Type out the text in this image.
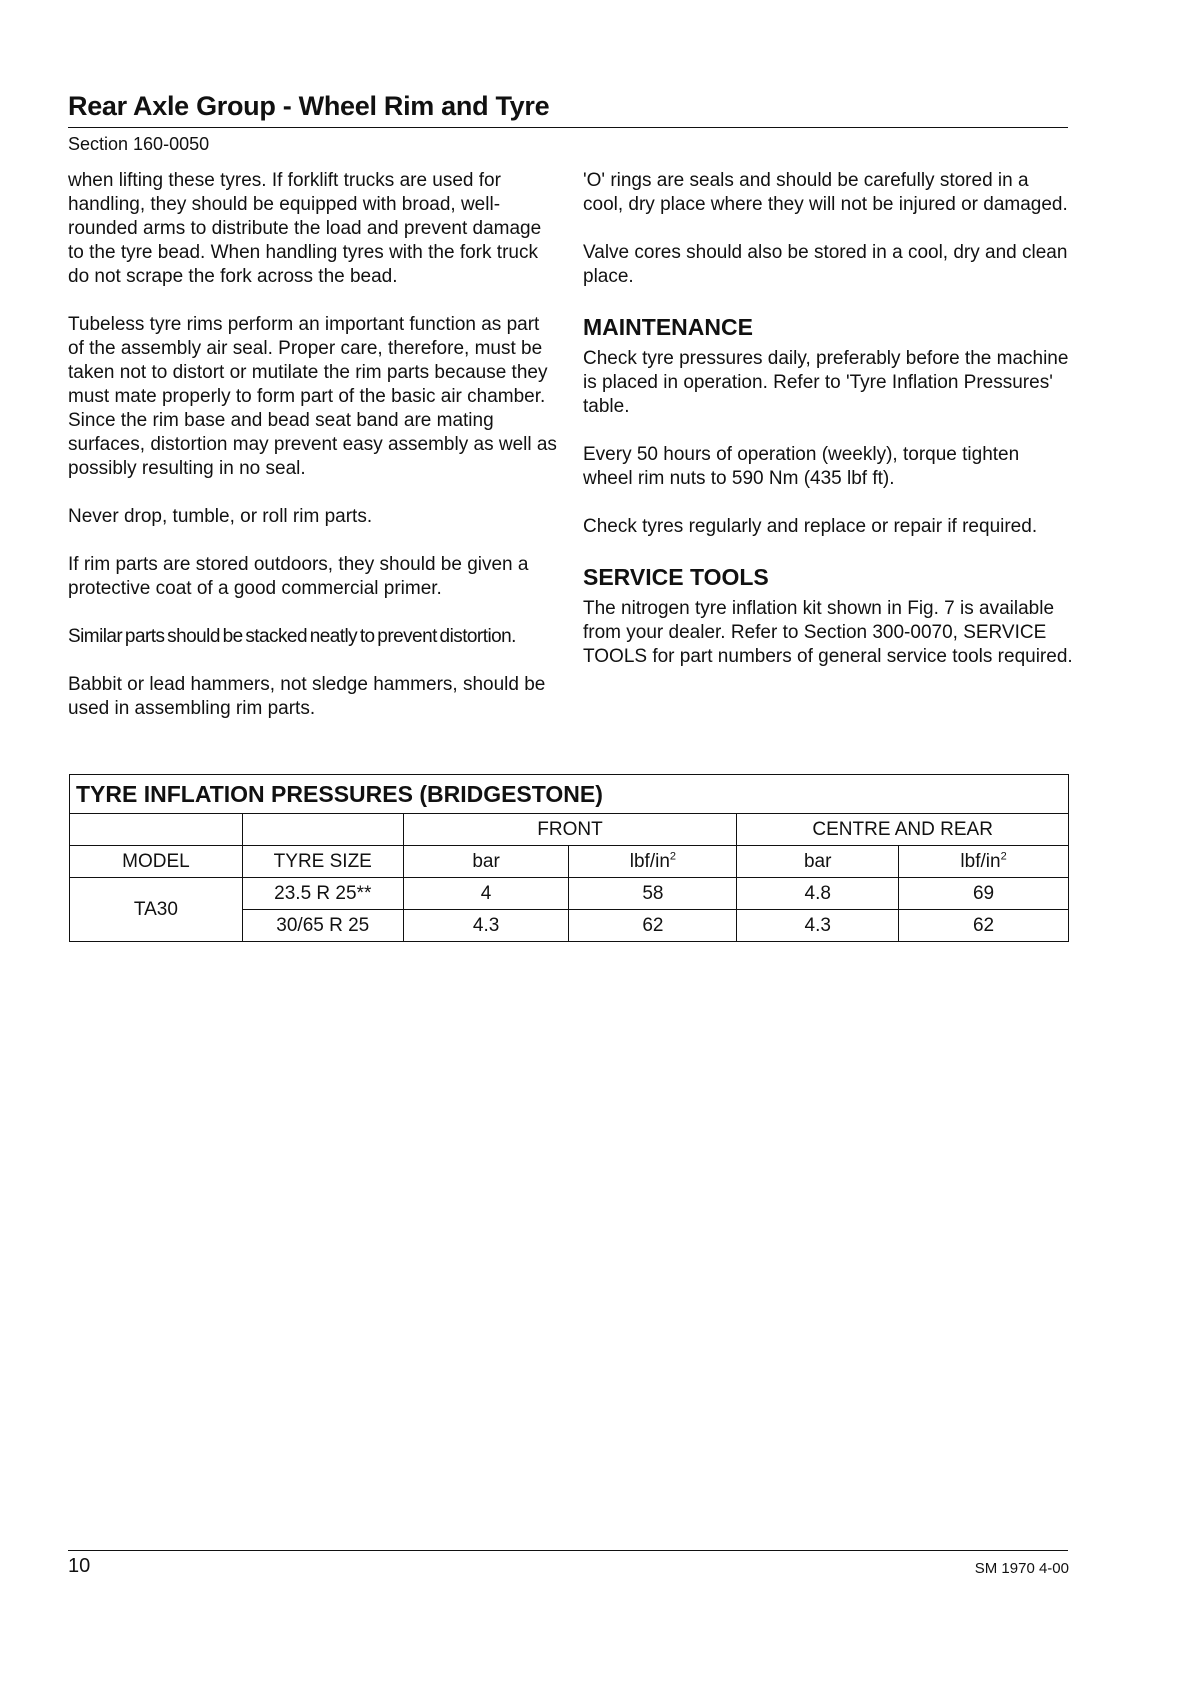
Rear Axle Group - Wheel Rim and Tyre
Section 160-0050

when lifting these tyres. If forklift trucks are used for handling, they should be equipped with broad, well-rounded arms to distribute the load and prevent damage to the tyre bead. When handling tyres with the fork truck do not scrape the fork across the bead.

Tubeless tyre rims perform an important function as part of the assembly air seal. Proper care, therefore, must be taken not to distort or mutilate the rim parts because they must mate properly to form part of the basic air chamber. Since the rim base and bead seat band are mating surfaces, distortion may prevent easy assembly as well as possibly resulting in no seal.

Never drop, tumble, or roll rim parts.

If rim parts are stored outdoors, they should be given a protective coat of a good commercial primer.

Similar parts should be stacked neatly to prevent distortion.

Babbit or lead hammers, not sledge hammers, should be used in assembling rim parts.

'O' rings are seals and should be carefully stored in a cool, dry place where they will not be injured or damaged.

Valve cores should also be stored in a cool, dry and clean place.

MAINTENANCE

Check tyre pressures daily, preferably before the machine is placed in operation. Refer to 'Tyre Inflation Pressures' table.

Every 50 hours of operation (weekly), torque tighten wheel rim nuts to 590 Nm (435 lbf ft).

Check tyres regularly and replace or repair if required.

SERVICE TOOLS

The nitrogen tyre inflation kit shown in Fig. 7 is available from your dealer. Refer to Section 300-0070, SERVICE TOOLS for part numbers of general service tools required.

TYRE INFLATION PRESSURES (BRIDGESTONE)					
		FRONT		CENTRE AND REAR	
MODEL	TYRE SIZE	bar	lbf/$in^2$	bar	lbf/$in^2$
TA30	23.5 R 25**	4	58	4.8	69
	30/65 R 25	4.3	62	4.3	62
10	SM 1970 4-00
